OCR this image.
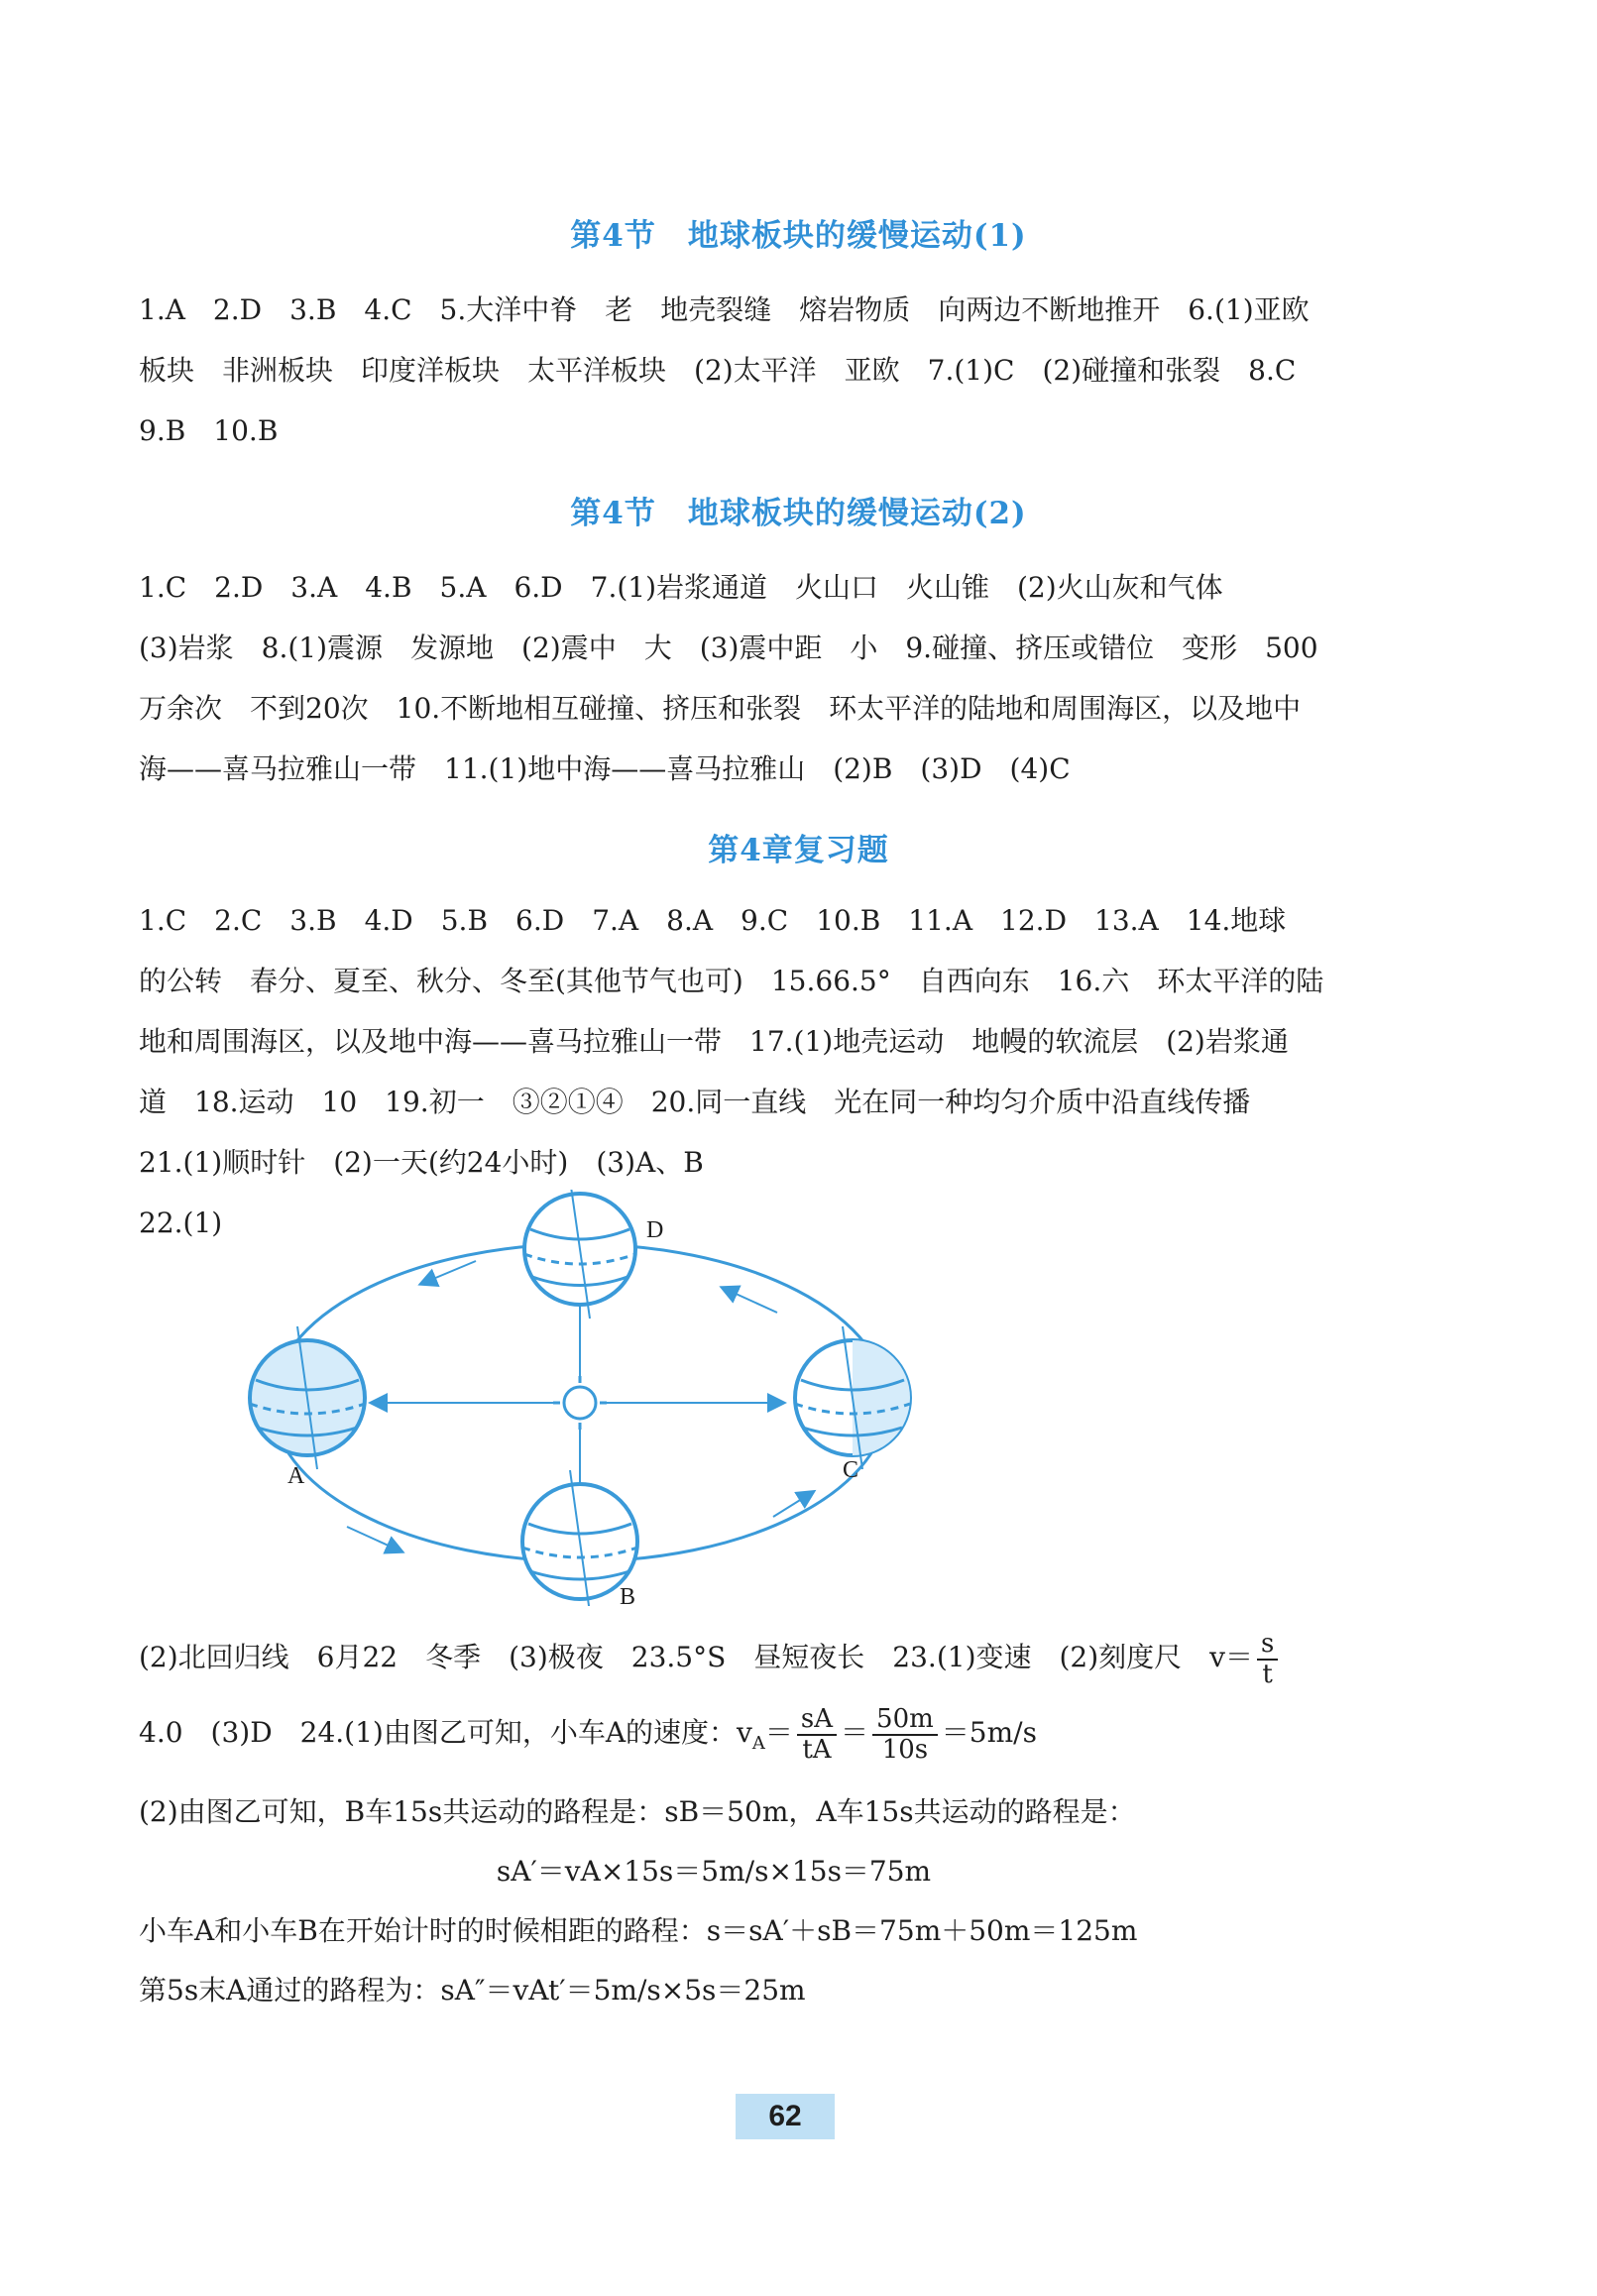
第4节　地球板块的缓慢运动(1)
1.A　2.D　3.B　4.C　5.大洋中脊　老　地壳裂缝　熔岩物质　向两边不断地推开　6.(1)亚欧
板块　非洲板块　印度洋板块　太平洋板块　(2)太平洋　亚欧　7.(1)C　(2)碰撞和张裂　8.C
9.B　10.B
第4节　地球板块的缓慢运动(2)
1.C　2.D　3.A　4.B　5.A　6.D　7.(1)岩浆通道　火山口　火山锥　(2)火山灰和气体
(3)岩浆　8.(1)震源　发源地　(2)震中　大　(3)震中距　小　9.碰撞、挤压或错位　变形　500
万余次　不到20次　10.不断地相互碰撞、挤压和张裂　环太平洋的陆地和周围海区，以及地中
海——喜马拉雅山一带　11.(1)地中海——喜马拉雅山　(2)B　(3)D　(4)C
第4章复习题
1.C　2.C　3.B　4.D　5.B　6.D　7.A　8.A　9.C　10.B　11.A　12.D　13.A　14.地球
的公转　春分、夏至、秋分、冬至(其他节气也可)　15.66.5°　自西向东　16.六　环太平洋的陆
地和周围海区，以及地中海——喜马拉雅山一带　17.(1)地壳运动　地幔的软流层　(2)岩浆通
道　18.运动　10　19.初一　③②①④　20.同一直线　光在同一种均匀介质中沿直线传播
21.(1)顺时针　(2)一天(约24小时)　(3)A、B
22.(1)
A
B
C
D
(2)北回归线　6月22　冬季　(3)极夜　23.5°S　昼短夜长　23.(1)变速　(2)刻度尺　$v= \frac{s}{t}$
4.0　(3)D　24.(1)由图乙可知，小车A的速度：$v_A= \frac{sA}{tA} = \frac{50m}{10s} =5m/s$
(2)由图乙可知，B车15s共运动的路程是：sB＝50m，A车15s共运动的路程是：
sA′＝vA×15s＝5m/s×15s＝75m
小车A和小车B在开始计时的时候相距的路程：s＝sA′＋sB＝75m＋50m＝125m
第5s末A通过的路程为：sA″＝vAt′＝5m/s×5s＝25m
62
